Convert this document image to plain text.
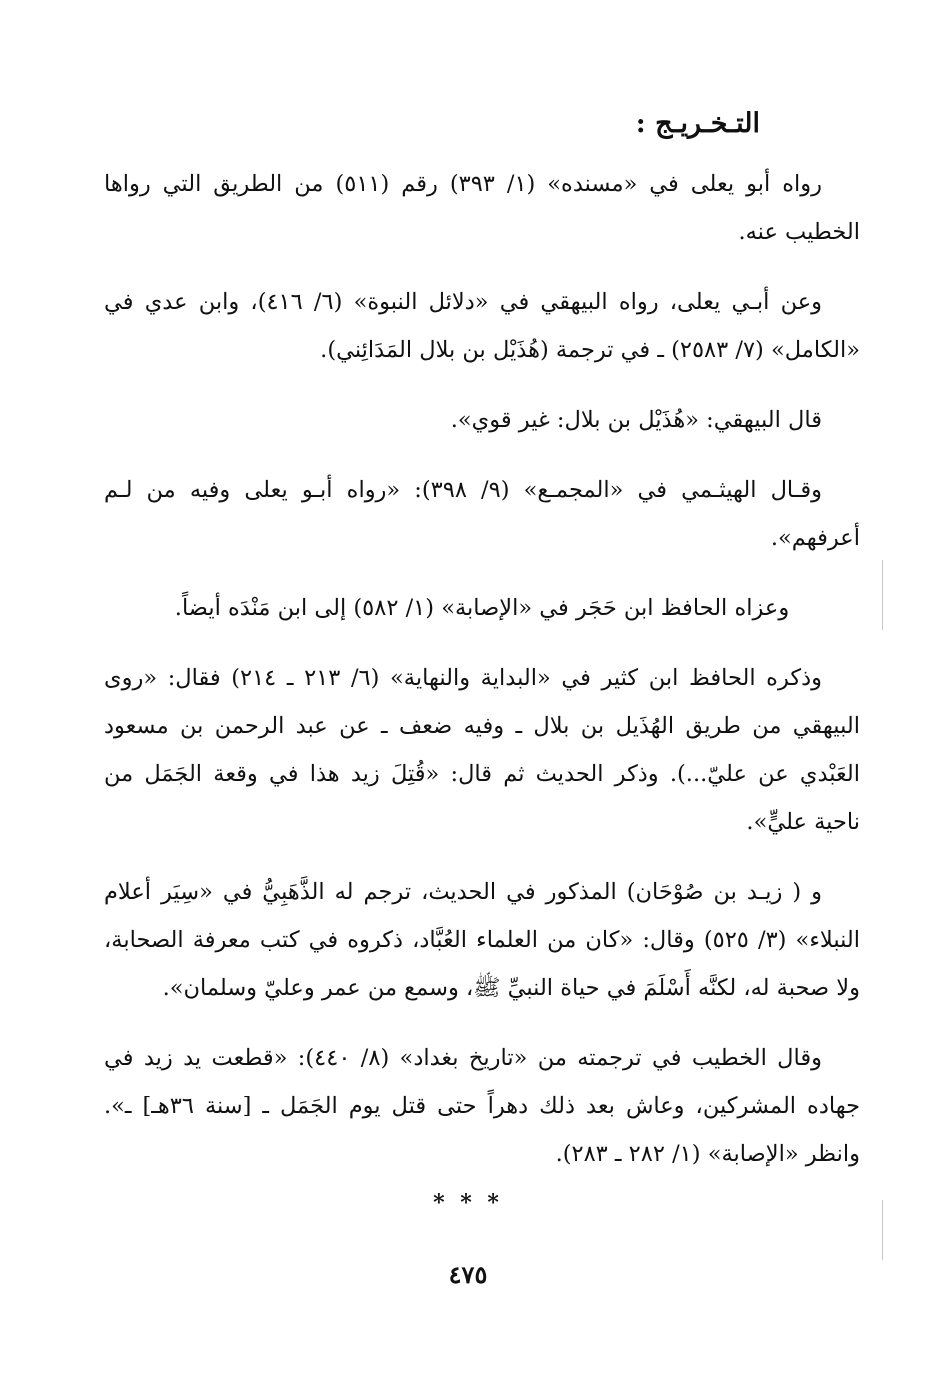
التـخـريـج :

رواه أبو يعلى في «مسنده» (١/ ٣٩٣) رقم (٥١١) من الطريق التي رواها الخطيب عنه.

وعن أبـي يعلى، رواه البيهقي في «دلائل النبوة» (٦/ ٤١٦)، وابن عدي في «الكامل» (٧/ ٢٥٨٣) ـ في ترجمة (هُذَيْل بن بلال المَدَائِني).

قال البيهقي: «هُذَيْل بن بلال: غير قوي».

وقـال الهيثـمي في «المجمـع» (٩/ ٣٩٨): «رواه أبـو يعلى وفيه من لـم أعرفهم».

وعزاه الحافظ ابن حَجَر في «الإصابة» (١/ ٥٨٢) إلى ابن مَنْدَه أيضاً.

وذكره الحافظ ابن كثير في «البداية والنهاية» (٦/ ٢١٣ ـ ٢١٤) فقال: «روى البيهقي من طريق الهُذَيل بن بلال ـ وفيه ضعف ـ عن عبد الرحمن بن مسعود العَبْدي عن عليّ...). وذكر الحديث ثم قال: «قُتِلَ زيد هذا في وقعة الجَمَل من ناحية عليٍّ».

و ( زيـد بن صُوْحَان) المذكور في الحديث، ترجم له الذَّهَبِيُّ في «سِيَر أعلام النبلاء» (٣/ ٥٢٥) وقال: «كان من العلماء العُبَّاد، ذكروه في كتب معرفة الصحابة، ولا صحبة له، لكنَّه أَسْلَمَ في حياة النبيِّ ﷺ، وسمع من عمر وعليّ وسلمان».

وقال الخطيب في ترجمته من «تاريخ بغداد» (٨/ ٤٤٠): «قطعت يد زيد في جهاده المشركين، وعاش بعد ذلك دهراً حتى قتل يوم الجَمَل ـ [سنة ٣٦هـ] ـ». وانظر «الإصابة» (١/ ٢٨٢ ـ ٢٨٣).

* * *
٤٧٥
